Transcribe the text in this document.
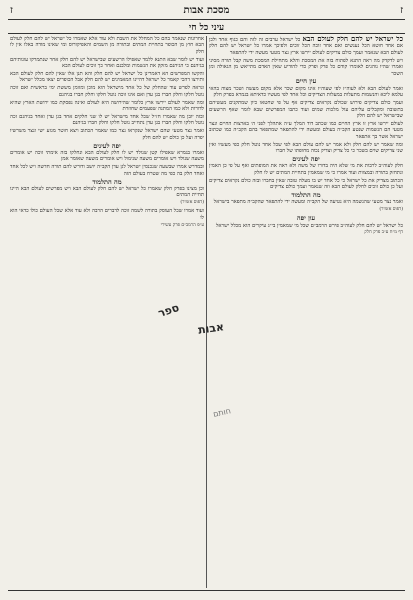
ז
מסכת אבות
ז
עיני כל חי
כל ישראל יש להם חלק לעולם הבא כל ישראל ערבים זה לזה והם כגוף אחד ולכן אם אחד חוטא הכל נענשים ואם אחד זוכה הכל זוכים ולפיכך אמרו כל ישראל יש להם חלק לעולם הבא שנאמר ועמך כולם צדיקים לעולם יירשו ארץ נצר מטעי מעשה ידי להתפאר
ויש לדקדק מה ראה התנא לפתוח בזה את המסכת והלא מתחילת המסכת משה קבל תורה מסיני ואמרו שהיו נוהגים לאומרו קודם כל פרק ופרק כדי להודיע שאין האדם מתייאש מן הגאולה ומן השכר
עין חיים
ואמר לעולם הבא ולא לעוה״ז לפי שעוה״ז אינו מקום שכר אלא מקום מעשה ושכר מצוה בהאי עלמא ליכא והנשמות מתעלות במעלות הצדיקים וכל אחד לפי מעשיו כדאיתא בגמרא בפרק חלק
ועמך כולם צדיקים פירוש שכולם נקראים צדיקים אף על פי שחטאו כיון שמתקנים מעשיהם בתשובה ומקבלים עליהם עול מלכות שמים ועוד כתבו המפרשים שבא לומר שאף הרשעים שבישראל יש להם חלק
לעולם יירשו ארץ זו ארץ החיים כמו שכתב דוד המלך ע״ה אתהלך לפני ה׳ בארצות החיים ונצר מטעי הם הנשמות שנטע הקב״ה בעולם ומעשה ידי להתפאר שמתפאר בהם הקב״ה כמו שכתוב ישראל אשר בך אתפאר
ומה שאמר יש להם חלק ולא אמר יש להם עולם הבא לפי שכל אחד נוטל חלק כפי מעשיו ואין שני צדיקים שוים בשכר כי כל צדיק וצדיק נכוה מחופתו של חברו
יפה לעינים
חלק לעוה״ב לרבות את מי שלא היה בדורו של משה ולא ראה את המופתים ואף על פי כן האמין ונתחזק בתורה ובמצוות ועוד אמרו כי מי שמאמין בתחיית המתים יש לו חלק
הכתוב מצדיק את כל ישראל כי כל אחד יש בו מעלה טובה שאין בחברו ובזה כולם נקראים צדיקים ועל כן כולם זוכים לחלק לעולם הבא וזה שנאמר ועמך כולם צדיקים
מה התלמוד
ואמר נצר מטעי שהנשמה היא נטיעה של הקב״ה ומעשה ידי להתפאר שהקב״ה מתפאר בישראל
(דפוס אזמיר)
עון יפה
כל ישראל יש להם חלק לעוה״ב פירש הרמב״ם שכל מי שמאמין בי״ג עיקרים הוא מכלל ישראל
דף מ״ח ע״ב פרק חלק
אחרונות שנאמר בהם כל המחלל את השבת ולא עוד אלא שאמרו כל ישראל יש להם חלק לעולם הבא חוץ מן הכופר בתחיית המתים ובתורה מן השמים והאפיקורוס ומי שאינו מודה באלו אין לו חלק
ועוד יש לומר שבא התנא ללמד שאפילו הרשעים שבישראל יש להם חלק אחר שנתמרקו עונותיהם בגיהנם כי הגיהנם מזקק את הנשמות ומלבנם ואחר כך זוכים לעולם הבא
והקשו המפרשים הא דאמרינן כל ישראל יש להם חלק והא תנן אלו שאין להם חלק לעולם הבא ותירצו דהכי קאמר כל ישראל דהיינו המאמינים יש להם חלק אבל הכופרים יצאו מכלל ישראל
ונראה לפרש עוד שהחלק של כל אחד מישראל הוא מוכן ומזומן מששת ימי בראשית ואם זוכה נוטל חלקו וחלק חברו בגן עדן ואם אינו זוכה נוטל חלקו וחלק חברו בגיהנם
ומה שאמר לעולם יירשו ארץ כלומר שהירושה היא לעולם ואינה נפסקת כמו ירושת הארץ שהיא לדורות ולא כמו המתנה שפעמים שחוזרת
ובזה יובן מה שאמרו חז״ל שכל אחד מישראל יש לו שני חלקים אחד בגן עדן ואחד בגיהנם זכה נוטל חלקו וחלק חברו בגן עדן נתחייב נוטל חלקו וחלק חברו בגיהנם
ואמר נצר מטעי שהם ישראל שנקראו נצר כמו שאמר הכתוב ויצא חוטר מגזע ישי ונצר משרשיו יפרה ועל כן כולם יש להם חלק
יפה לעינים
ואמרו בגמרא שאפילו קטן שנולד יש לו חלק לעולם הבא ונחלקו בזה אימתי זוכה יש אומרים משעה שנולד ויש אומרים משעה שנימול ויש אומרים משעה שאומר אמן
ובמדרש אמרו שבשעה שנכנסין ישראל לגן עדן הקב״ה יושב ודורש להם תורה חדשה ויש לכל אחד ואחד חלק בה כפי מה שטרח בעולם הזה
מה התלמוד
וכן מצינו בפרק חלק שאמרו כל ישראל יש להם חלק לעולם הבא ויש מפרשים לעולם הבא היינו תחיית המתים
(דפוס אזמיר)
ועוד אמרו שכל העוסק בתורה לשמה זוכה לדברים הרבה ולא עוד אלא שכל העולם כולו כדאי הוא לו
ע״פ הרמב״ם פרק עשירי
ספר
אבות
חותם
